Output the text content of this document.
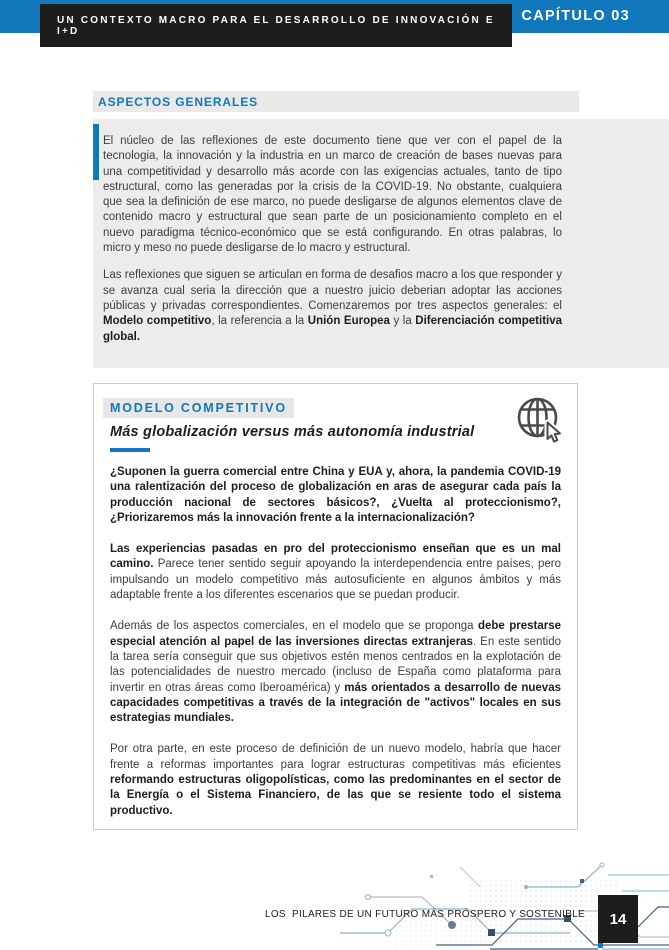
CAPÍTULO 03
UN CONTEXTO MACRO PARA EL DESARROLLO DE INNOVACIÓN E I+D
ASPECTOS GENERALES

El núcleo de las reflexiones de este documento tiene que ver con el papel de la tecnologia, la innovación y la industria en un marco de creación de bases nuevas para una competitividad y desarrollo más acorde con las exigencias actuales, tanto de tipo estructural, como las generadas por la crisis de la COVID-19. No obstante, cualquiera que sea la definición de ese marco, no puede desligarse de algunos elementos clave de contenido macro y estructural que sean parte de un posicionamiento completo en el nuevo paradigma técnico-económico que se está configurando. En otras palabras, lo micro y meso no puede desligarse de lo macro y estructural.

Las reflexiones que siguen se articulan en forma de desafios macro a los que responder y se avanza cual seria la dirección que a nuestro juicio deberian adoptar las acciones públicas y privadas correspondientes. Comenzaremos por tres aspectos generales: el Modelo competitivo, la referencia a la Unión Europea y la Diferenciación competitiva global.

MODELO COMPETITIVO
Más globalización versus más autonomía industrial

¿Suponen la guerra comercial entre China y EUA y, ahora, la pandemia COVID-19 una ralentización del proceso de globalización en aras de asegurar cada país la producción nacional de sectores básicos?, ¿Vuelta al proteccionismo?, ¿Priorizaremos más la innovación frente a la internacionalización?

Las experiencias pasadas en pro del proteccionismo enseñan que es un mal camino. Parece tener sentido seguir apoyando la interdependencia entre países, pero impulsando un modelo competitivo más autosuficiente en algunos ámbitos y más adaptable frente a los diferentes escenarios que se puedan producir.

Además de los aspectos comerciales, en el modelo que se proponga debe prestarse especial atención al papel de las inversiones directas extranjeras. En este sentido la tarea sería conseguir que sus objetivos estén menos centrados en la explotación de las potencialidades de nuestro mercado (incluso de España como plataforma para invertir en otras áreas como Iberoamérica) y más orientados a desarrollo de nuevas capacidades competitivas a través de la integración de "activos" locales en sus estrategias mundiales.

Por otra parte, en este proceso de definición de un nuevo modelo, habría que hacer frente a reformas importantes para lograr estructuras competitivas más eficientes reformando estructuras oligopolísticas, como las predominantes en el sector de la Energía o el Sistema Financiero, de las que se resiente todo el sistema productivo.

LOS  PILARES DE UN FUTURO MÁS PRÓSPERO Y SOSTENIBLE 14
